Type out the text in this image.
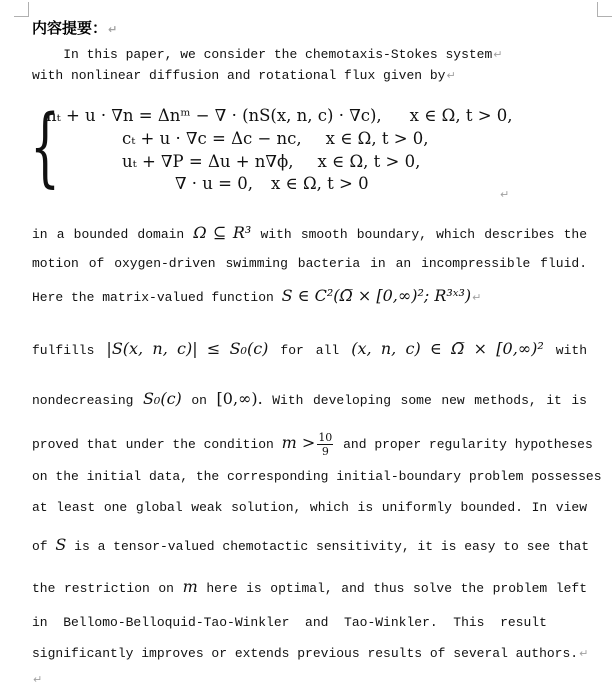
内容提要：↵
In this paper, we consider the chemotaxis-Stokes system↵
with nonlinear diffusion and rotational flux given by↵
{
nₜ + u · ∇n = Δnᵐ − ∇ · (nS(x, n, c) · ∇c), x ∈ Ω, t > 0,
cₜ + u · ∇c = Δc − nc, x ∈ Ω, t > 0,
uₜ + ∇P = Δu + n∇ϕ, x ∈ Ω, t > 0,
∇ · u = 0, x ∈ Ω, t > 0
↵
in a bounded domain Ω ⊆ R³ with smooth boundary, which describes the
motion of oxygen-driven swimming bacteria in an incompressible fluid.
Here the matrix-valued function S ∈ C²(Ω̅ × [0,∞)²; R³ˣ³)↵
fulfills |S(x, n, c)| ≤ S₀(c) for all (x, n, c) ∈ Ω̅ × [0,∞)² with
nondecreasing S₀(c) on [0,∞). With developing some new methods, it is
proved that under the condition $m > \frac{10}{9}$ and proper regularity hypotheses
on the initial data, the corresponding initial-boundary problem possesses
at least one global weak solution, which is uniformly bounded. In view
of S is a tensor-valued chemotactic sensitivity, it is easy to see that
the restriction on m here is optimal, and thus solve the problem left
in  Bellomo-Belloquid-Tao-Winkler  and  Tao-Winkler.  This  result
significantly improves or extends previous results of several authors.↵
↵
